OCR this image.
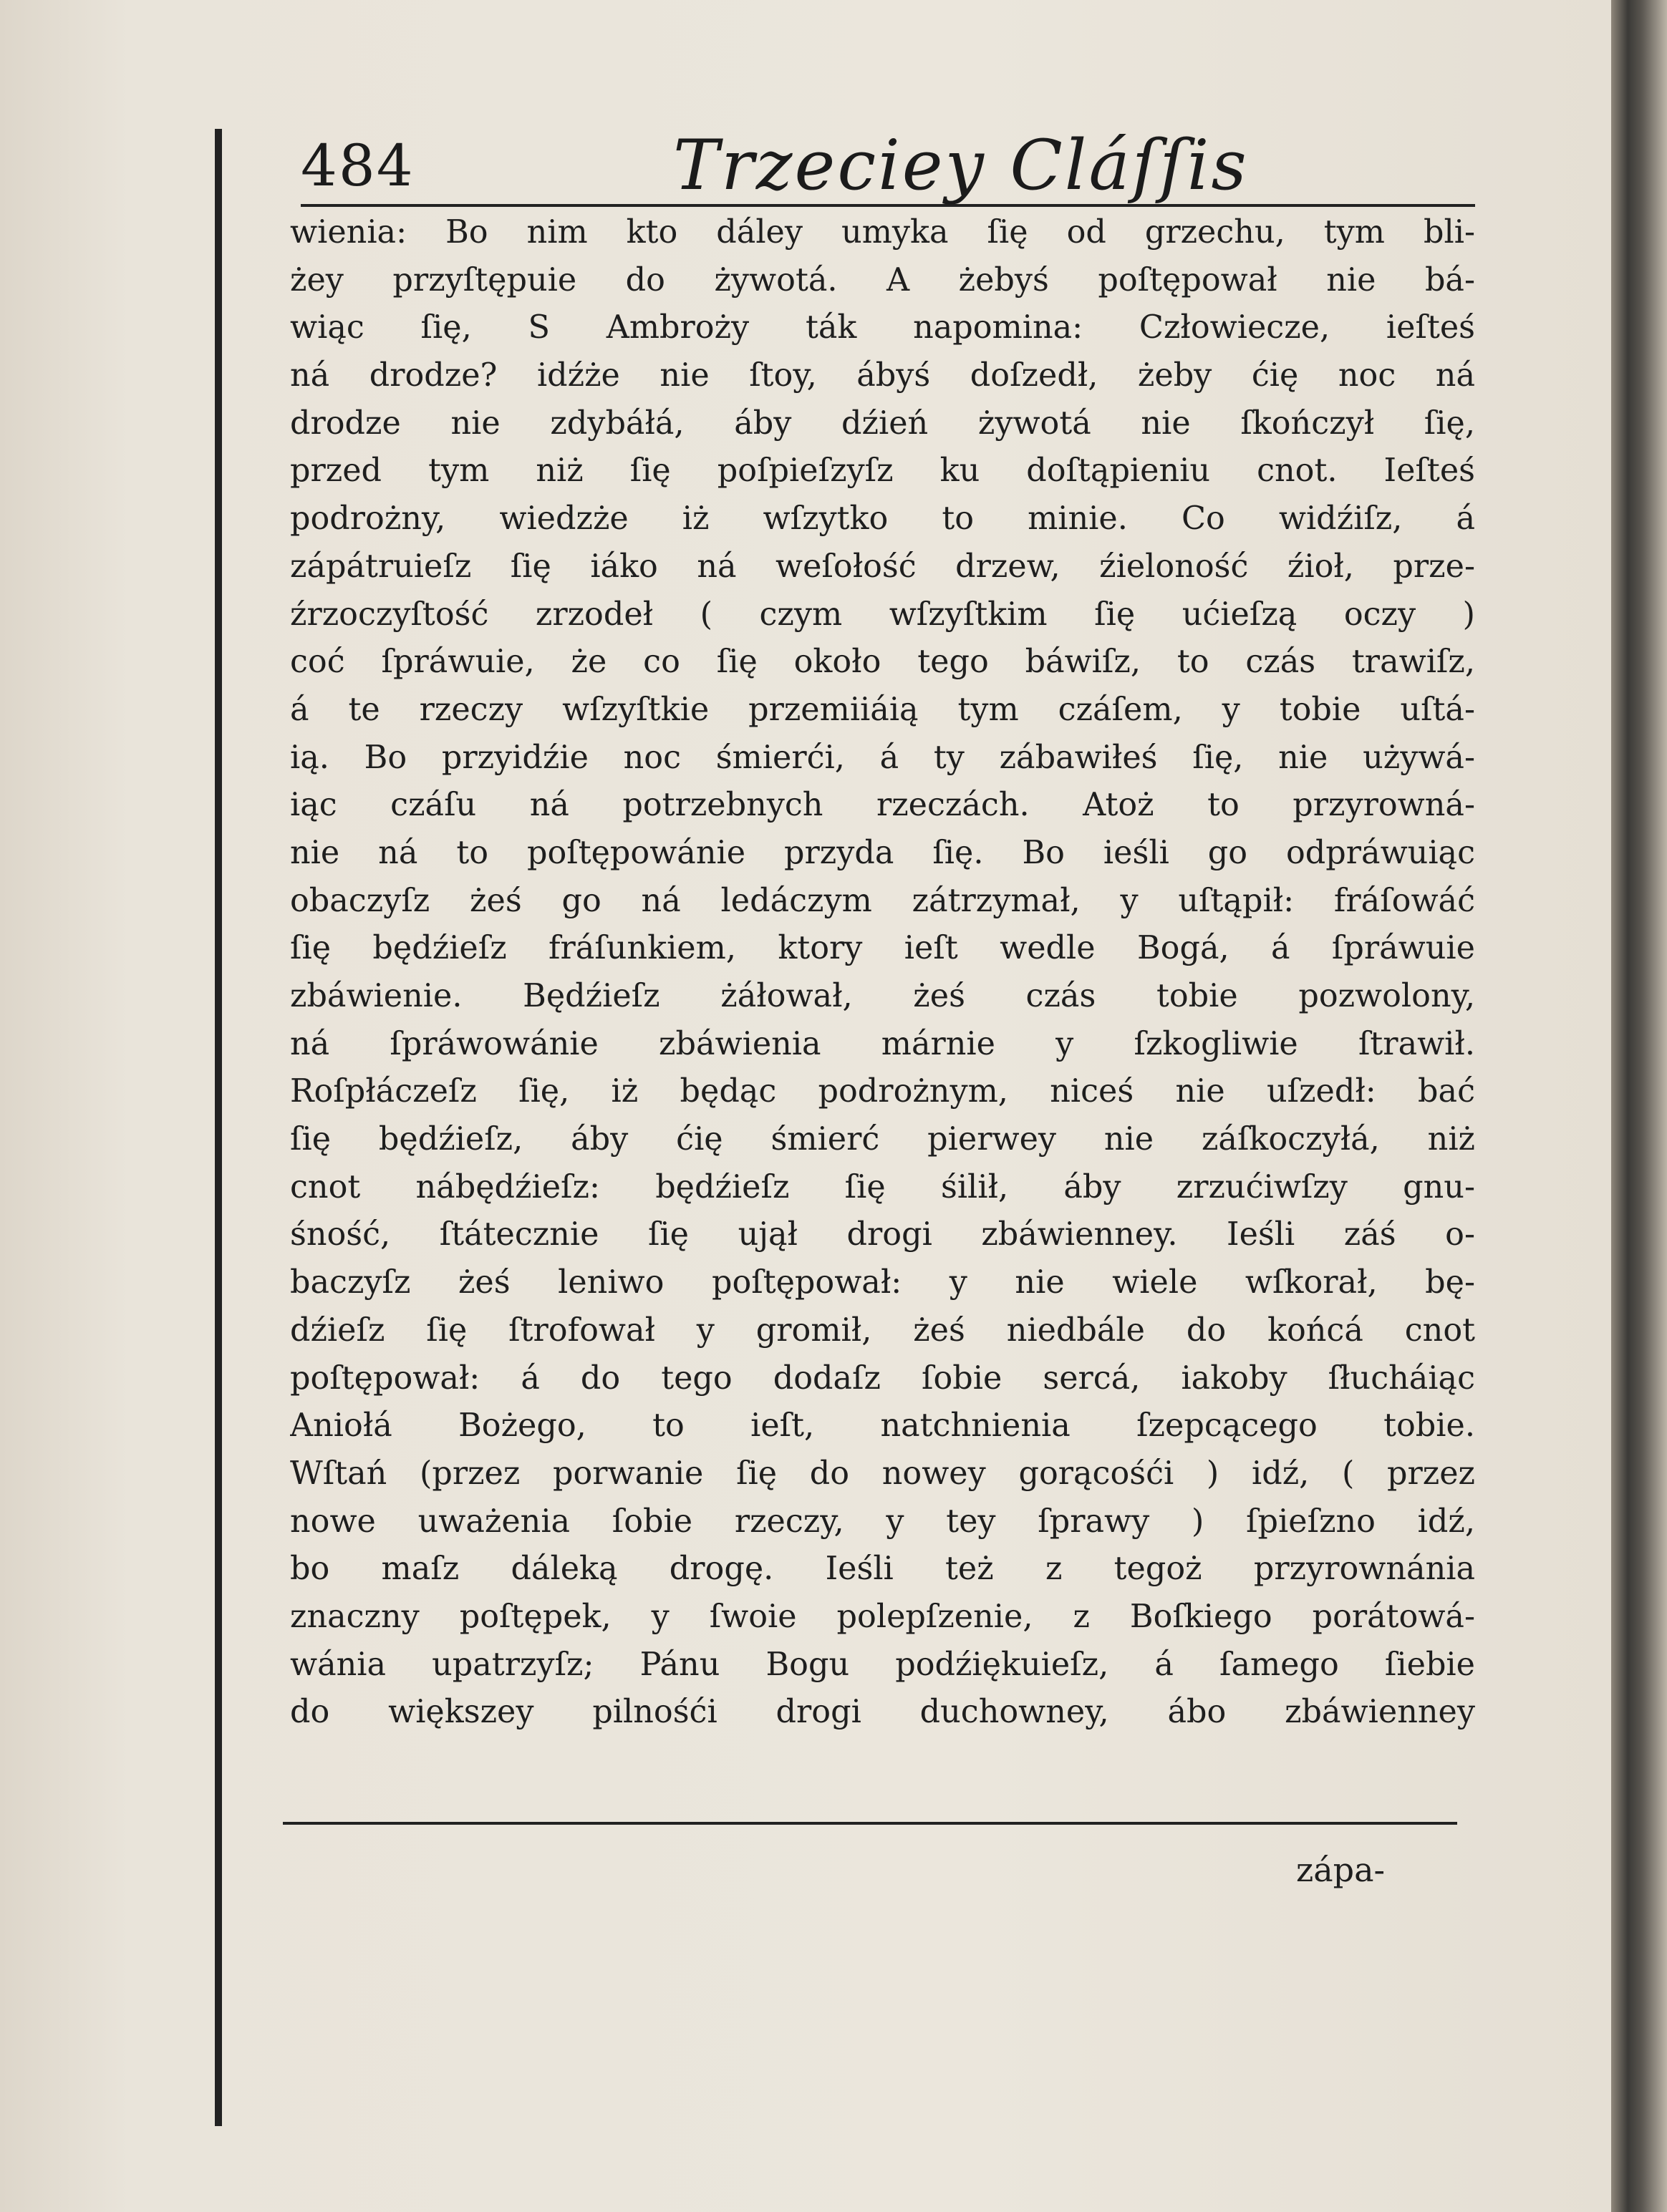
484	Trzeciey Cláſſis
wienia: Bo nim kto dáley umyka ſię od grzechu, tym bli-
żey przyſtępuie do żywotá. A żebyś poſtępował nie bá-
wiąc ſię, S Ambroży ták napomina: Człowiecze, ieſteś
ná drodze? idźże nie ſtoy, ábyś doſzedł, żeby ćię noc ná
drodze nie zdybáłá, áby dźień żywotá nie ſkończył ſię,
przed tym niż ſię poſpieſzyſz ku doſtąpieniu cnot. Ieſteś
podrożny, wiedzże iż wſzytko to minie. Co widźiſz, á
zápátruieſz ſię iáko ná weſołość drzew, źieloność źioł, prze-
źrzoczyſtość zrzodeł ( czym wſzyſtkim ſię ućieſzą oczy )
coć ſpráwuie, że co ſię około tego báwiſz, to czás trawiſz,
á te rzeczy wſzyſtkie przemiiáią tym czáſem, y tobie uſtá-
ią. Bo przyidźie noc śmierći, á ty zábawiłeś ſię, nie używá-
iąc czáſu ná potrzebnych rzeczách. Atoż to przyrowná-
nie ná to poſtępowánie przyda ſię. Bo ieśli go odpráwuiąc
obaczyſz żeś go ná ledáczym zátrzymał, y uſtąpił: fráſowáć
ſię będźieſz fráſunkiem, ktory ieſt wedle Bogá, á ſpráwuie
zbáwienie. Będźieſz żáłował, żeś czás tobie pozwolony,
ná ſpráwowánie zbáwienia márnie y ſzkogliwie ſtrawił.
Roſpłáczeſz ſię, iż będąc podrożnym, niceś nie uſzedł: bać
ſię będźieſz, áby ćię śmierć pierwey nie záſkoczyłá, niż
cnot nábędźieſz: będźieſz ſię śilił, áby zrzućiwſzy gnu-
śność, ſtátecznie ſię ujął drogi zbáwienney. Ieśli záś o-
baczyſz żeś leniwo poſtępował: y nie wiele wſkorał, bę-
dźieſz ſię ſtrofował y gromił, żeś niedbále do końcá cnot
poſtępował: á do tego dodaſz ſobie sercá, iakoby ſłucháiąc
Aniołá Bożego, to ieſt, natchnienia ſzepcącego tobie.
Wſtań (przez porwanie ſię do nowey gorącośći ) idź, ( przez
nowe uważenia ſobie rzeczy, y tey ſprawy ) ſpieſzno idź,
bo maſz dáleką drogę. Ieśli też z tegoż przyrownánia
znaczny poſtępek, y ſwoie polepſzenie, z Boſkiego porátowá-
wánia upatrzyſz; Pánu Bogu podźiękuieſz, á ſamego ſiebie
do większey pilnośći drogi duchowney, ábo zbáwienney
zápa-
